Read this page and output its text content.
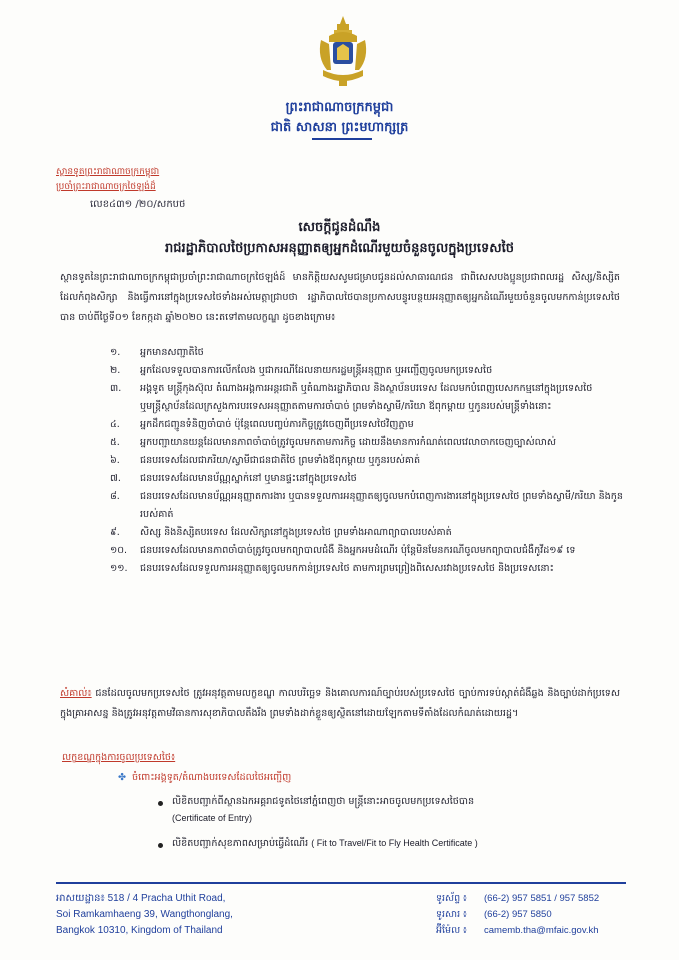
ព្រះរាជាណាចក្រកម្ពុជា
ជាតិ សាសនា ព្រះមហាក្សត្រ
ស្ថានទូតព្រះរាជាណាចក្រកម្ពុជា
ប្រចាំព្រះរាជាណាចក្រថៃឡង់ដ៏
លេខ៤៣១ /២០/សកបថ
សេចក្តីជូនដំណឹង
រាជរដ្ឋាភិបាលថៃប្រកាសអនុញ្ញាតឲ្យអ្នកដំណើរមួយចំនួនចូលក្នុងប្រទេសថៃ
ស្ថានទូតនៃព្រះរាជាណាចក្រកម្ពុជាប្រចាំព្រះរាជាណាចក្រថៃឡង់ដ៍ មានកិត្តិយសសូមជម្រាបជូនដល់សាធារណជន ជាពិសេសបងប្អូនប្រជាពលរដ្ឋ សិស្ស/និស្សិត ដែលកំពុងសិក្សា និងធ្វើការនៅក្នុងប្រទេសថៃទាំងអស់មេត្តាជ្រាបថា រដ្ឋាភិបាលថៃបានប្រកាសបន្ធូរបន្ថយអនុញ្ញាតឲ្យអ្នកដំណើរមួយចំនួនចូលមកកាន់ប្រទេសថៃបាន ចាប់ពីថ្ងៃទី០១ ខែកក្កដា ឆ្នាំ២០២០ នេះតទៅតាមលក្ខណ្ឌ ដូចខាងក្រោម៖
១. អ្នកមានសញ្ជាតិថៃ
២. អ្នកដែលទទួលបានការលើកលែង ឬជាករណីដែលនាយករដ្ឋមន្រ្តីអនុញ្ញាត ឬអញ្ជើញចូលមកប្រទេសថៃ
៣. អង្គទូត មន្រ្តីកុងស៊ុល តំណាងអង្គការអន្តរជាតិ ឬតំណាងរដ្ឋាភិបាល និងស្ថាប័នបរទេស ដែលមកបំពេញបេសកកម្មនៅក្នុងប្រទេសថៃ ឬមន្រ្តីស្ថាប័នដែលក្រសួងការបរទេសអនុញ្ញាតតាមការចាំបាច់ ព្រមទាំងស្វាមី/ភរិយា ឪពុកម្ដាយ ឬកូនរបស់មន្រ្តីទាំងនោះ
៤. អ្នកដឹកជញ្ជូនទំនិញចាំបាច់ ប៉ុន្តែពេលបញ្ចប់ភារកិច្ចត្រូវចេញពីប្រទេសថៃវិញភ្លាម
៥. អ្នកបញ្ជាយានយន្តដែលមានភាពចាំបាច់ត្រូវចូលមកតាមភារកិច្ច ដោយនឹងមានការកំណត់ពេលវេលាចាកចេញច្បាស់លាស់
៦. ជនបរទេសដែលជាភរិយា/ស្វាមីជាជនជាតិថៃ ព្រមទាំងឪពុកម្ដាយ ឬកូនរបស់គាត់
៧. ជនបរទេសដែលមានប័ណ្ណស្នាក់នៅ ឬមានផ្ទះនៅក្នុងប្រទេសថៃ
៨. ជនបរទេសដែលមានប័ណ្ណអនុញ្ញាតការងារ ឬបានទទួលការអនុញ្ញាតឲ្យចូលមកបំពេញការងារនៅក្នុងប្រទេសថៃ ព្រមទាំងស្វាមី/ភរិយា និងកូនរបស់គាត់
៩. សិស្ស និងនិស្សិតបរទេស ដែលសិក្សានៅក្នុងប្រទេសថៃ ព្រមទាំងអាណាព្យាបាលរបស់គាត់
១០. ជនបរទេសដែលមានភាពចាំបាច់ត្រូវចូលមកព្យាបាលជំងឺ និងអ្នកអមដំណើរ ប៉ុន្តែមិនមែនករណីចូលមកព្យាបាលជំងឺកូវីដ១៩ ទេ
១១. ជនបរទេសដែលទទួលការអនុញ្ញាតឲ្យចូលមកកាន់ប្រទេសថៃ តាមការព្រមព្រៀងពិសេសរវាងប្រទេសថៃ និងប្រទេសនោះ
សំគាល់៖ ជនដែលចូលមកប្រទេសថៃ ត្រូវអនុវត្តតាមលក្ខខណ្ឌ កាលបរិច្ឆេទ និងគោលការណ៍ច្បាប់របស់ប្រទេសថៃ ច្បាប់ការទប់ស្កាត់ជំងឺឆ្លង និងច្បាប់ដាក់ប្រទេសក្នុងគ្រាអាសន្ន និងត្រូវអនុវត្តតាមវិធានការសុខាភិបាលតឹងរឹង ព្រមទាំងដាក់ខ្លួនឲ្យស្ថិតនៅដោយឡែកតាមទីតាំងដែលកំណត់ដោយរដ្ឋ។
លក្ខខណ្ឌក្នុងការចូលប្រទេសថៃ៖
✤ ចំពោះអង្គទូត/តំណាងបរទេសដែលថៃអញ្ជើញ
លិខិតបញ្ជាក់ពីស្ថានឯកអគ្គរាជទូតថៃនៅភ្នំពេញថា មន្រ្តីនោះអាចចូលមកប្រទេសថៃបាន
(Certificate of Entry)
លិខិតបញ្ជាក់សុខភាពសម្រាប់ធ្វើដំណើរ ( Fit to Travel/Fit to Fly Health Certificate )
អាសយដ្ឋាន៖ 518 / 4 Pracha Uthit Road,
Soi Ramkamhaeng 39, Wangthonglang,
Bangkok 10310, Kingdom of Thailand
ទូរស័ព្ទ ៖ (66-2) 957 5851 / 957 5852
ទូរសារ ៖ (66-2) 957 5850
អ៊ីម៉ែល ៖ camemb.tha@mfaic.gov.kh
